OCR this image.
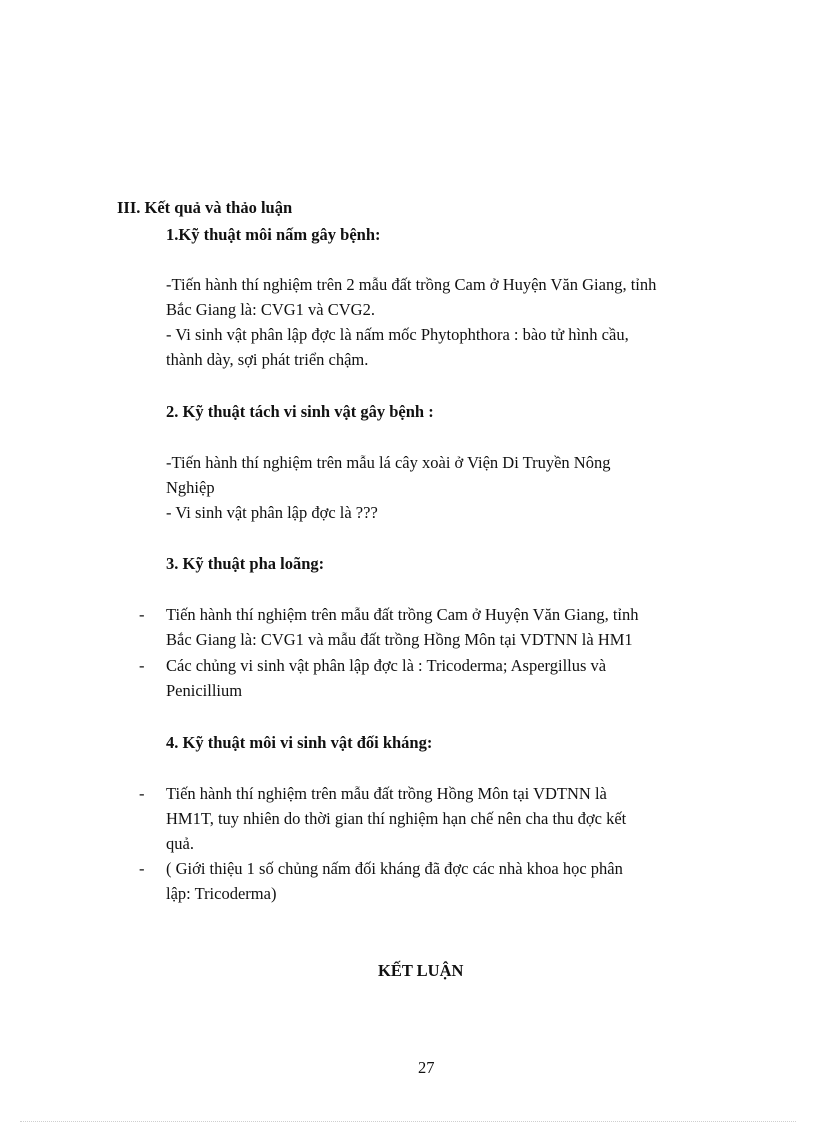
III. Kết quả và thảo luận
1.Kỹ thuật môi nấm gây bệnh:
-Tiến hành thí nghiệm trên 2 mẫu đất trồng Cam ở Huyện Văn Giang, tỉnh
Bắc Giang là: CVG1 và CVG2.
- Vi sinh vật phân lập đợc là nấm mốc Phytophthora : bào tử hình cầu,
thành dày, sợi phát triển chậm.
2. Kỹ thuật tách vi sinh vật gây bệnh :
-Tiến hành thí nghiệm trên mẫu lá cây xoài ở Viện Di Truyền Nông
Nghiệp
- Vi sinh vật phân lập đợc là ???
3. Kỹ thuật pha loãng:
- Tiến hành thí nghiệm trên mẫu đất trồng Cam ở Huyện Văn Giang, tỉnh
Bắc Giang là: CVG1 và mẫu đất trồng Hồng Môn tại VDTNN là HM1
- Các chủng vi sinh vật phân lập đợc là : Tricoderma; Aspergillus và
Penicillium
4. Kỹ thuật môi vi sinh vật đối kháng:
- Tiến hành thí nghiệm trên mẫu đất trồng Hồng Môn tại VDTNN là
HM1T, tuy nhiên do thời gian thí nghiệm hạn chế nên cha thu đợc kết
quả.
- ( Giới thiệu 1 số chủng nấm đối kháng đã đợc các nhà khoa học phân
lập: Tricoderma)
KẾT LUẬN
27
